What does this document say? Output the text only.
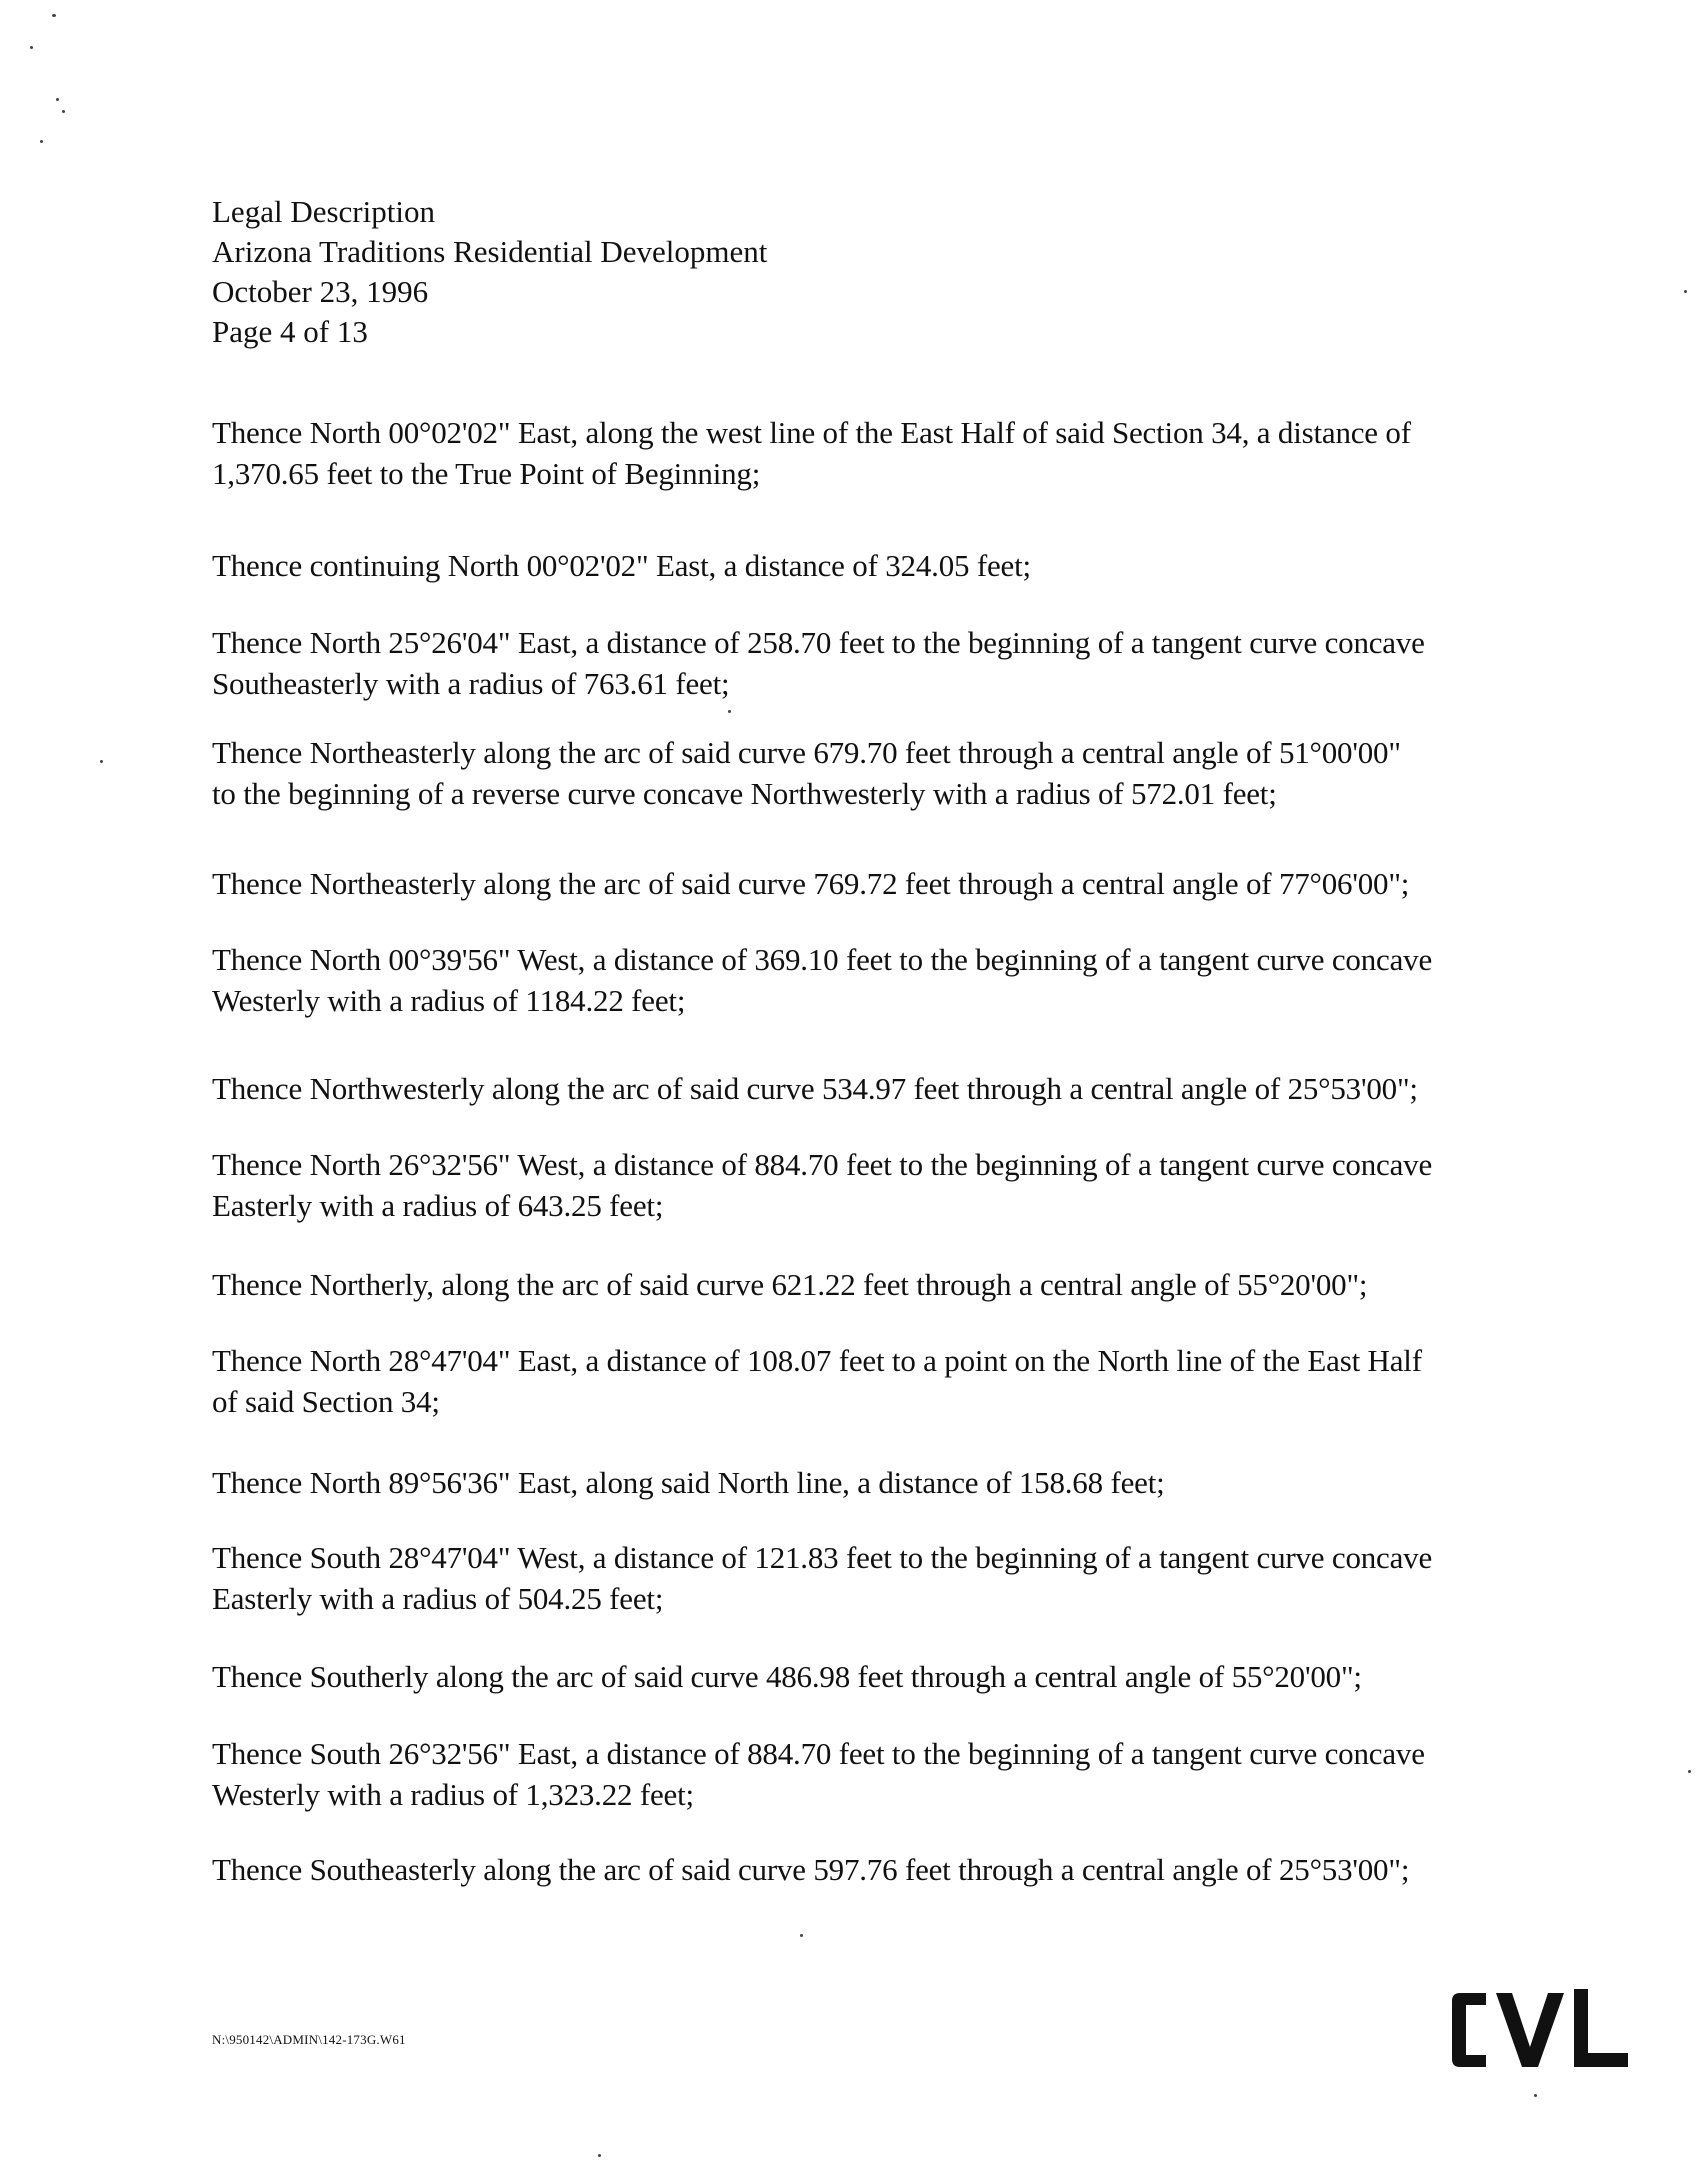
Legal Description
Arizona Traditions Residential Development
October 23, 1996
Page 4 of 13
Thence North 00°02'02" East, along the west line of the East Half of said Section 34, a distance of
1,370.65 feet to the True Point of Beginning;
Thence continuing North 00°02'02" East, a distance of 324.05 feet;
Thence North 25°26'04" East, a distance of 258.70 feet to the beginning of a tangent curve concave
Southeasterly with a radius of 763.61 feet;
Thence Northeasterly along the arc of said curve 679.70 feet through a central angle of 51°00'00"
to the beginning of a reverse curve concave Northwesterly with a radius of 572.01 feet;
Thence Northeasterly along the arc of said curve 769.72 feet through a central angle of 77°06'00";
Thence North 00°39'56" West, a distance of 369.10 feet to the beginning of a tangent curve concave
Westerly with a radius of 1184.22 feet;
Thence Northwesterly along the arc of said curve 534.97 feet through a central angle of 25°53'00";
Thence North 26°32'56" West, a distance of 884.70 feet to the beginning of a tangent curve concave
Easterly with a radius of 643.25 feet;
Thence Northerly, along the arc of said curve 621.22 feet through a central angle of 55°20'00";
Thence North 28°47'04" East, a distance of 108.07 feet to a point on the North line of the East Half
of said Section 34;
Thence North 89°56'36" East, along said North line, a distance of 158.68 feet;
Thence South 28°47'04" West, a distance of 121.83 feet to the beginning of a tangent curve concave
Easterly with a radius of 504.25 feet;
Thence Southerly along the arc of said curve 486.98 feet through a central angle of 55°20'00";
Thence South 26°32'56" East, a distance of 884.70 feet to the beginning of a tangent curve concave
Westerly with a radius of 1,323.22 feet;
Thence Southeasterly along the arc of said curve 597.76 feet through a central angle of 25°53'00";
N:\950142\ADMIN\142-173G.W61
